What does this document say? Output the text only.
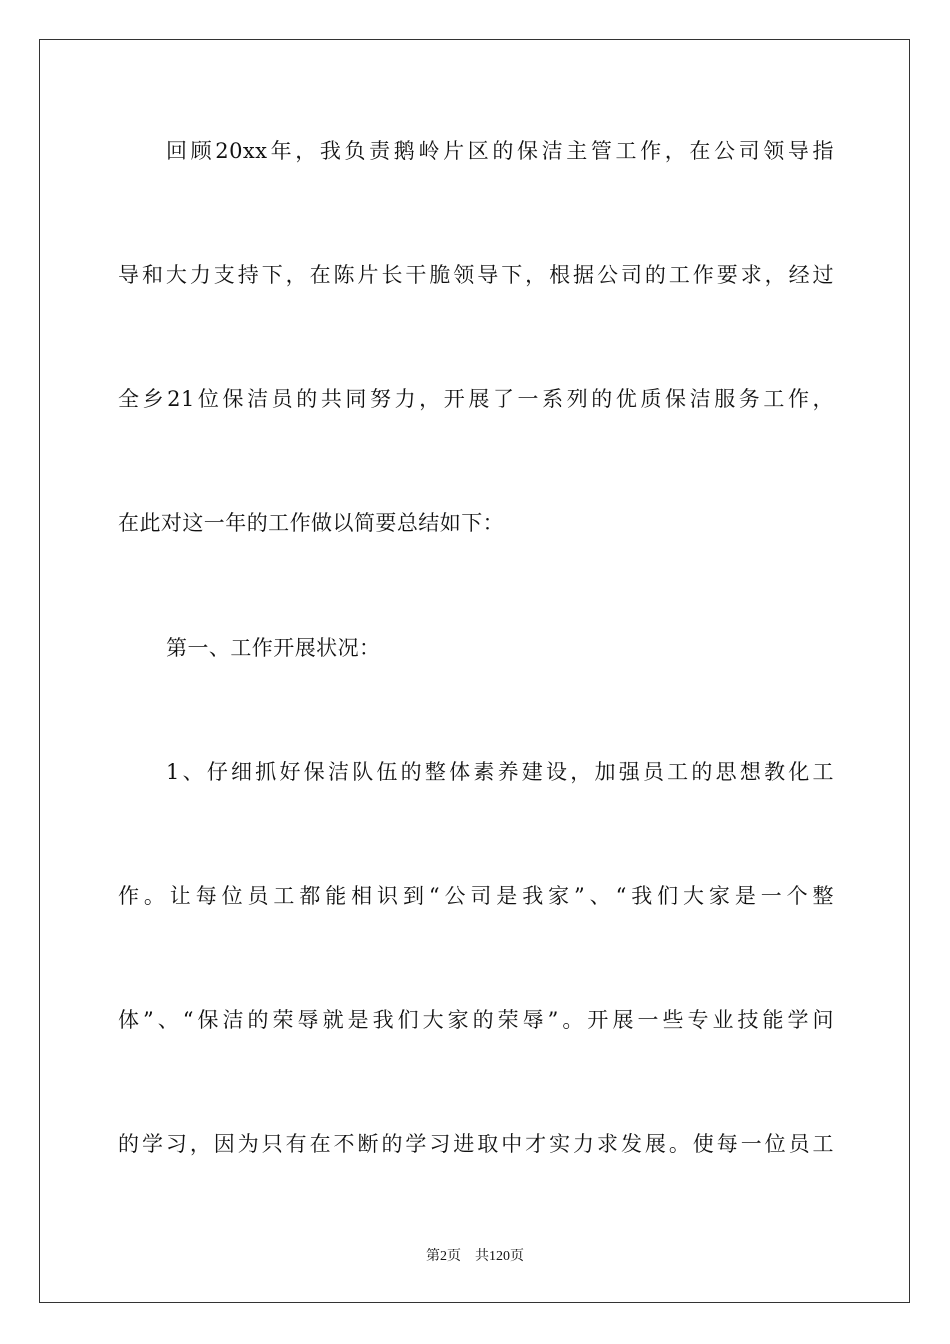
回顾20xx年，我负责鹅岭片区的保洁主管工作，在公司领导指
导和大力支持下，在陈片长干脆领导下，根据公司的工作要求，经过
全乡21位保洁员的共同努力，开展了一系列的优质保洁服务工作，
在此对这一年的工作做以简要总结如下：
第一、工作开展状况：
1、仔细抓好保洁队伍的整体素养建设，加强员工的思想教化工
作。让每位员工都能相识到“公司是我家”、“我们大家是一个整
体”、“保洁的荣辱就是我们大家的荣辱”。开展一些专业技能学问
的学习，因为只有在不断的学习进取中才实力求发展。使每一位员工
第2页 共120页
